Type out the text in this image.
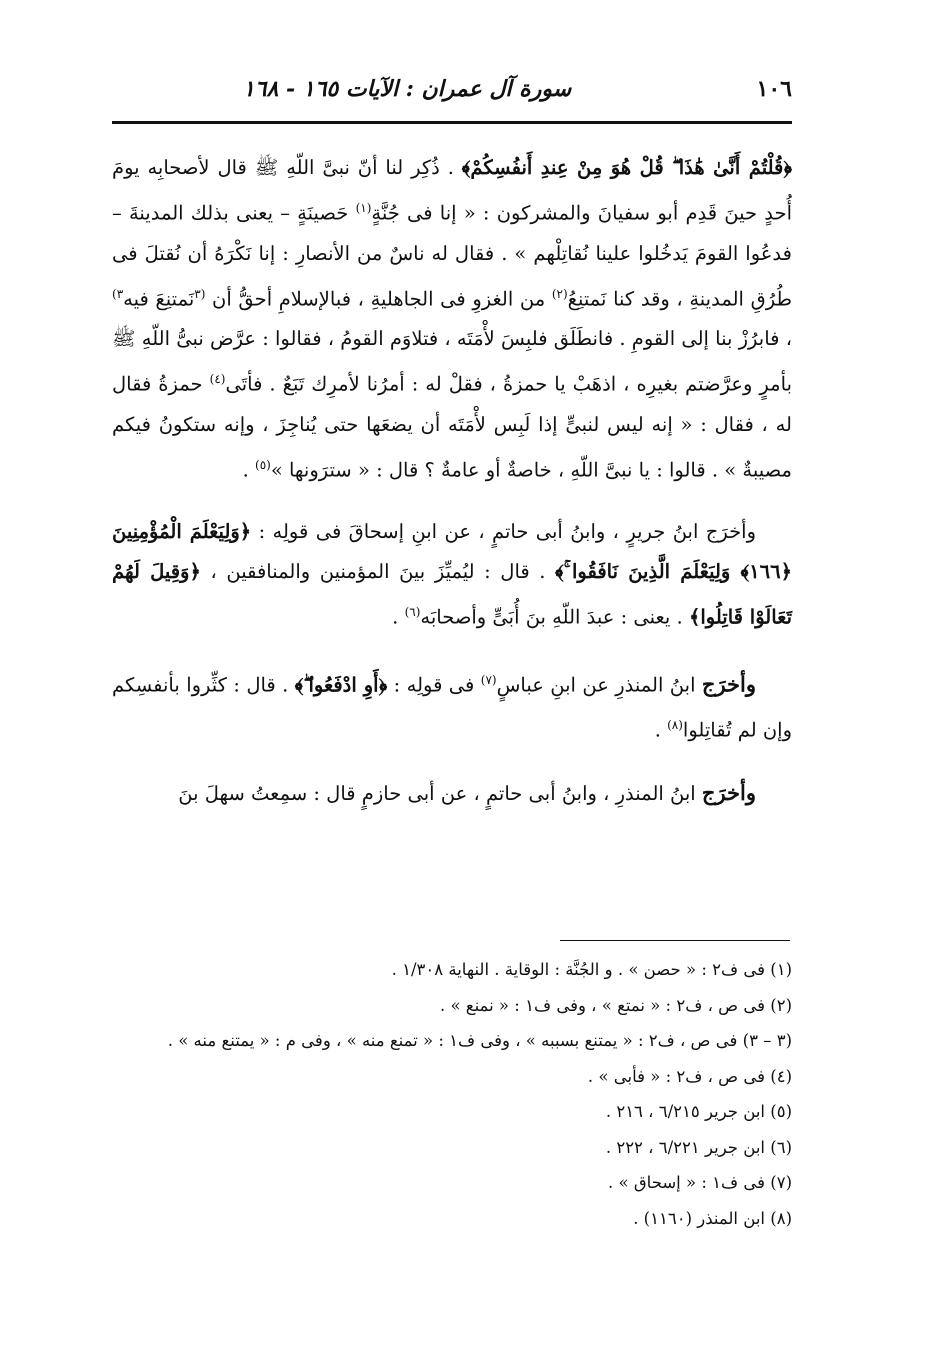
١٠٦
سورة آل عمران : الآيات ١٦٥ - ١٦٨

﴿قُلْتُمْ أَنَّىٰ هَٰذَا ۖ قُلْ هُوَ مِنْ عِندِ أَنفُسِكُمْ﴾ . ذُكِر لنا أنّ نبىَّ اللّهِ ﷺ قال لأصحابِه يومَ أُحدٍ حينَ قَدِم أبو سفيانَ والمشركون : « إنا فى جُنَّةٍ$^{(١)}$ حَصينَةٍ – يعنى بذلك المدينةَ – فدعُوا القومَ يَدخُلوا علينا نُقاتِلْهم » . فقال له ناسٌ من الأنصارِ : إنا نَكْرَهُ أن نُقتلَ فى طُرُقِ المدينةِ ، وقد كنا نَمتنِعُ$^{(٢)}$ من الغزوِ فى الجاهليةِ ، فبالإسلامِ أحقُّ أن $^{(٣}$نَمتنِعَ فيه$^{٣)}$ ، فابرُزْ بنا إلى القومِ . فانطَلَق فلبِسَ لأْمَتَه ، فتلاوَم القومُ ، فقالوا : عرَّض نبىُّ اللّهِ ﷺ بأمرٍ وعرَّضتم بغيرِه ، اذهَبْ يا حمزةُ ، فقلْ له : أمرُنا لأمرِك تَبَعٌ . فأتَى$^{(٤)}$ حمزةُ فقال له ، فقال : « إنه ليس لنبىٍّ إذا لَبِس لأْمَتَه أن يضعَها حتى يُناجِزَ ، وإنه ستكونُ فيكم مصيبةٌ » . قالوا : يا نبىَّ اللّهِ ، خاصةٌ أو عامةٌ ؟ قال : « سترَونها »$^{(٥)}$ .

وأخرَج ابنُ جريرٍ ، وابنُ أبى حاتمٍ ، عن ابنِ إسحاقَ فى قولِه : ﴿وَلِيَعْلَمَ الْمُؤْمِنِينَ ﴿١٦٦﴾ وَلِيَعْلَمَ الَّذِينَ نَافَقُوا ۚ﴾ . قال : ليُميِّزَ بينَ المؤمنين والمنافقين ، ﴿وَقِيلَ لَهُمْ تَعَالَوْا قَاتِلُوا﴾ . يعنى : عبدَ اللّهِ بنَ أُبَىٍّ وأصحابَه$^{(٦)}$ .

وأخرَج ابنُ المنذرِ عن ابنِ عباسٍ$^{(٧)}$ فى قولِه : ﴿أَوِ ادْفَعُوا ۖ﴾ . قال : كثِّروا بأنفسِكم وإن لم تُقاتِلوا$^{(٨)}$ .

وأخرَج ابنُ المنذرِ ، وابنُ أبى حاتمٍ ، عن أبى حازمٍ قال : سمِعتُ سهلَ بنَ

(١) فى ف٢ : « حصن » . و الجُنَّة : الوقاية . النهاية ١/٣٠٨ .

(٢) فى ص ، ف٢ : « نمتع » ، وفى ف١ : « نمنع » .

(٣ – ٣) فى ص ، ف٢ : « يمتنع بسببه » ، وفى ف١ : « تمنع منه » ، وفى م : « يمتنع منه » .

(٤) فى ص ، ف٢ : « فأبى » .

(٥) ابن جرير ٦/٢١٥ ، ٢١٦ .

(٦) ابن جرير ٦/٢٢١ ، ٢٢٢ .

(٧) فى ف١ : « إسحاق » .

(٨) ابن المنذر (١١٦٠) .
